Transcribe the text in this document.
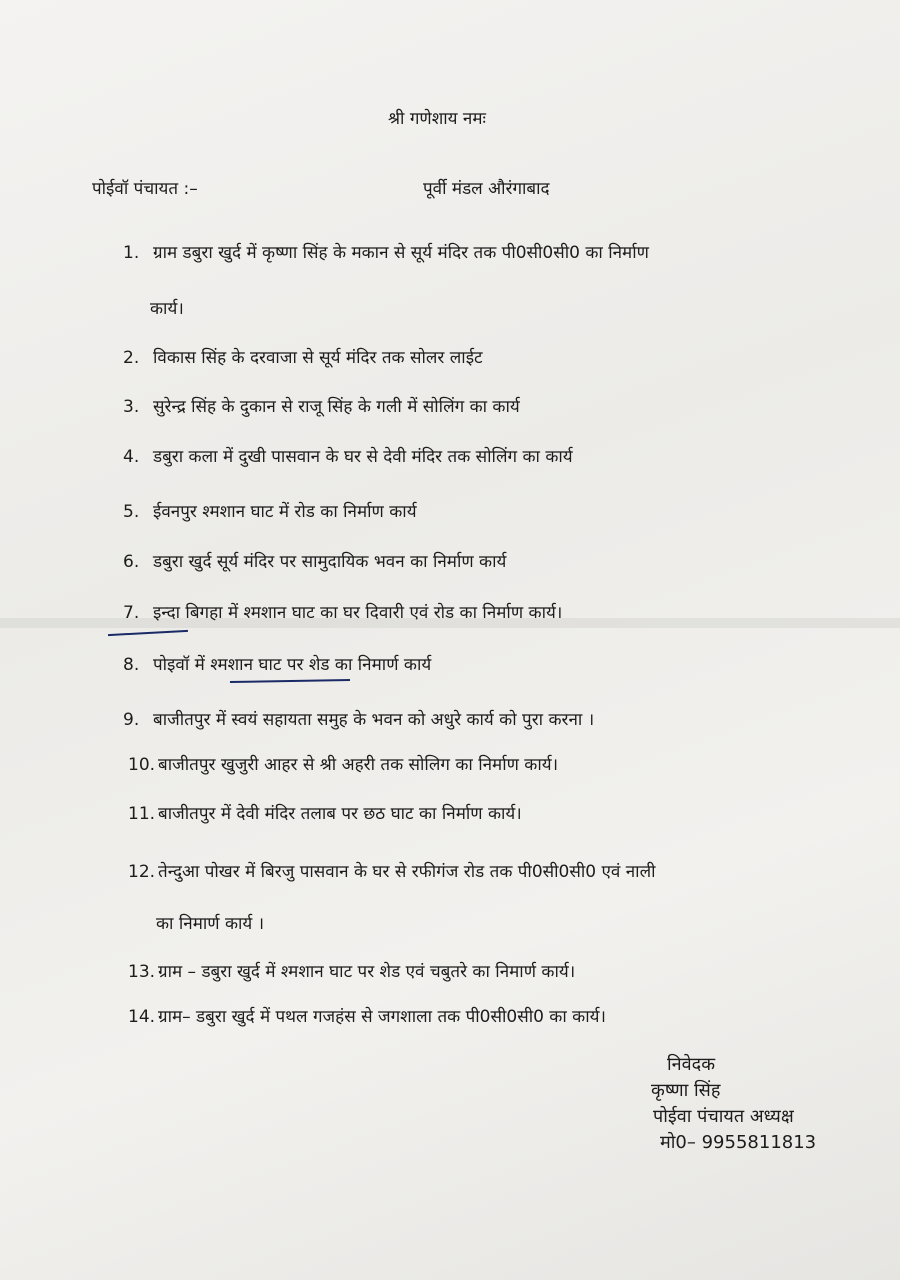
श्री गणेशाय नमः
पोईवॉ पंचायत :–	पूर्वी मंडल औरंगाबाद
1. ग्राम डबुरा खुर्द में कृष्णा सिंह के मकान से सूर्य मंदिर तक पी0सी0सी0 का निर्माण
कार्य।
2. विकास सिंह के दरवाजा से सूर्य मंदिर तक सोलर लाईट
3. सुरेन्द्र सिंह के दुकान से राजू सिंह के गली में सोलिंग का कार्य
4. डबुरा कला में दुखी पासवान के घर से देवी मंदिर तक सोलिंग का कार्य
5. ईवनपुर श्मशान घाट में रोड का निर्माण कार्य
6. डबुरा खुर्द सूर्य मंदिर पर सामुदायिक भवन का निर्माण कार्य
7. इन्दा बिगहा में श्मशान घाट का घर दिवारी एवं रोड का निर्माण कार्य।
8. पोइवॉ में श्मशान घाट पर शेड का निमार्ण कार्य
9. बाजीतपुर में स्वयं सहायता समुह के भवन को अधुरे कार्य को पुरा करना ।
10. बाजीतपुर खुजुरी आहर से श्री अहरी तक सोलिग का निर्माण कार्य।
11. बाजीतपुर में देवी मंदिर तलाब पर छठ घाट का निर्माण कार्य।
12. तेन्दुआ पोखर में बिरजु पासवान के घर से रफीगंज रोड तक पी0सी0सी0 एवं नाली
का निमार्ण कार्य ।
13. ग्राम – डबुरा खुर्द में श्मशान घाट पर शेड एवं चबुतरे का निमार्ण कार्य।
14. ग्राम– डबुरा खुर्द में पथल गजहंस से जगशाला तक पी0सी0सी0 का कार्य।
निवेदक
कृष्णा सिंह
पोईवा पंचायत अध्यक्ष
मो0– 9955811813
